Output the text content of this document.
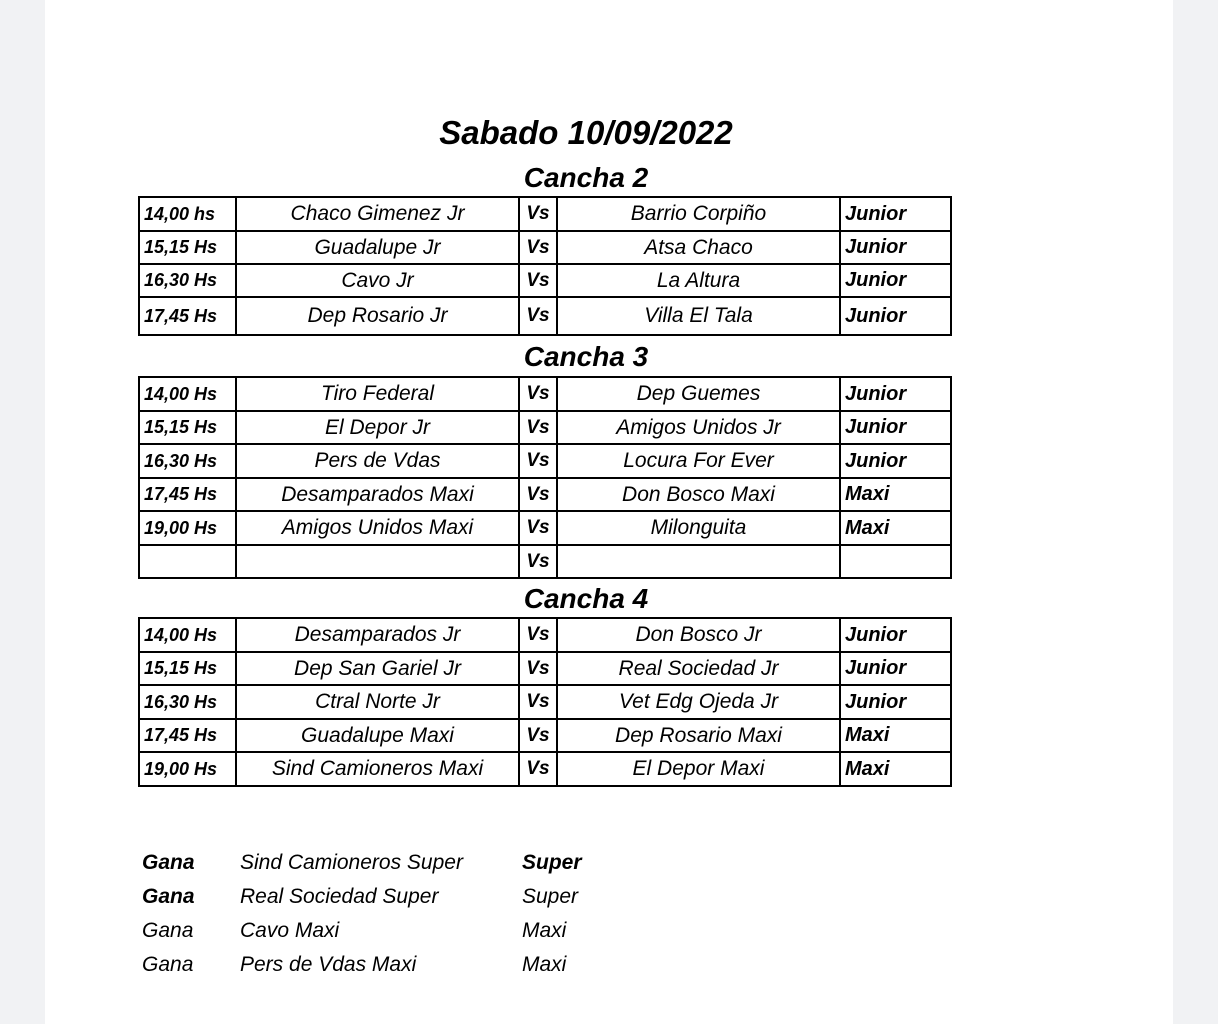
Sabado 10/09/2022
Cancha 2
14,00 hs	Chaco Gimenez Jr	Vs	Barrio Corpiño	Junior
15,15 Hs	Guadalupe Jr	Vs	Atsa Chaco	Junior
16,30 Hs	Cavo Jr	Vs	La Altura	Junior
17,45 Hs	Dep Rosario Jr	Vs	Villa El Tala	Junior
Cancha 3
14,00 Hs	Tiro Federal	Vs	Dep Guemes	Junior
15,15 Hs	El Depor Jr	Vs	Amigos Unidos Jr	Junior
16,30 Hs	Pers de Vdas	Vs	Locura For Ever	Junior
17,45 Hs	Desamparados Maxi	Vs	Don Bosco Maxi	Maxi
19,00 Hs	Amigos Unidos Maxi	Vs	Milonguita	Maxi
		Vs		
Cancha 4
14,00 Hs	Desamparados Jr	Vs	Don Bosco Jr	Junior
15,15 Hs	Dep San Gariel Jr	Vs	Real Sociedad Jr	Junior
16,30 Hs	Ctral Norte Jr	Vs	Vet Edg Ojeda Jr	Junior
17,45 Hs	Guadalupe Maxi	Vs	Dep Rosario Maxi	Maxi
19,00 Hs	Sind Camioneros Maxi	Vs	El Depor Maxi	Maxi
Gana	Sind Camioneros Super	Super
Gana	Real Sociedad Super	Super
Gana	Cavo Maxi	Maxi
Gana	Pers de Vdas Maxi	Maxi
